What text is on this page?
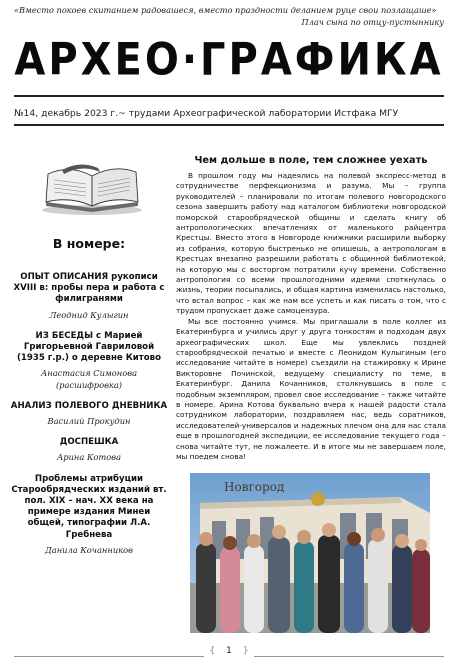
«Вместо покоев скитанием радовашеся, вместо праздности деланием руце свои позлащаше»
Плач сына по отцу-пустыннику
АРХЕО·ГРАФИКА
№14, декабрь 2023 г.~ трудами Археографической лаборатории Истфака МГУ
В номере:
ОПЫТ ОПИСАНИЯ рукописи XVIII в: пробы пера и работа с филигранями
Леоднид Кулыгин
ИЗ БЕСЕДЫ с Марией Григорьевной Гавриловой (1935 г.р.) о деревне Китово
Анастасия Симонова (расшифровка)
АНАЛИЗ ПОЛЕВОГО ДНЕВНИКА
Василий Прокудин
ДОСПЕШКА
Арина Котова
Проблемы атрибуции Старообрядческих изданий вт. пол. XIX – нач. XX века на примере издания Минеи общей, типографии Л.А. Гребнева
Данила Кочанников
Чем дольше в поле, тем сложнее уехать

В прошлом году мы надеялись на полевой экспресс-метод в сотрудничестве перфекционизма и разума. Мы – группа руководителей – планировали по итогам полевого новгородского сезона завершить работу над каталогом библиотеки новгородской поморской старообрядческой общины и сделать книгу об антропологических впечатлениях от маленького райцентра Крестцы. Вместо этого в Новгороде книжники расширили выборку из собрания, которую быстренько не опишешь, а антропологам в Крестцах внезапно разрешили работать с общинной библиотекой, на которую мы с восторгом потратили кучу времени. Собственно антропология со всеми прошлогодними идеями споткнулась о жизнь, теории посыпались, и общая картина изменилась настолько, что встал вопрос – как же нам все успеть и как писать о том, что с трудом пропускает даже самоцензура.

Мы все постоянно учимся. Мы приглашали в поле коллег из Екатеринбурга и учились друг у друга тонкостям и подходам двух археографических школ. Еще мы увлеклись поздней старообрядческой печатью и вместе с Леонидом Кулыгиным (его исследование читайте в номере) съездили на стажировку к Ирине Викторовне Починской, ведущему специалисту по теме, в Екатеринбург. Данила Кочанников, столкнувшись в поле с подобным экземпляром, провел свое исследование – также читайте в номере. Арина Котова буквально вчера к нашей радости стала сотрудником лаборатории, поздравляем нас, ведь соратников, исследователей-универсалов и надежных плечом она для нас стала еще в прошлогодней экспедиции, ее исследование текущего года – снова читайте тут, не пожалеете. И в итоге мы не завершаем поле, мы поедем снова!

Новгород
{ 1 }
